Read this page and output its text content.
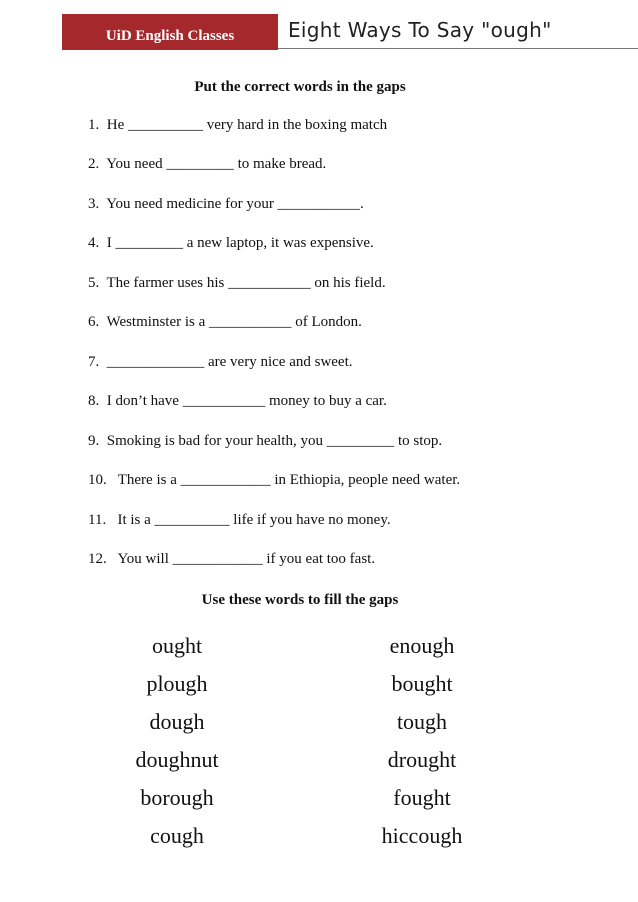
UiD English Classes	Eight Ways To Say "ough"
Put the correct words in the gaps
1. He __________ very hard in the boxing match
2. You need _________ to make bread.
3. You need medicine for your ___________.
4. I _________ a new laptop, it was expensive.
5. The farmer uses his ___________ on his field.
6. Westminster is a ___________ of London.
7. _____________ are very nice and sweet.
8. I don’t have ___________ money to buy a car.
9. Smoking is bad for your health, you _________ to stop.
10. There is a ____________ in Ethiopia, people need water.
11. It is a __________ life if you have no money.
12. You will ____________ if you eat too fast.
Use these words to fill the gaps
ought
plough
dough
doughnut
borough
cough
enough
bought
tough
drought
fought
hiccough
